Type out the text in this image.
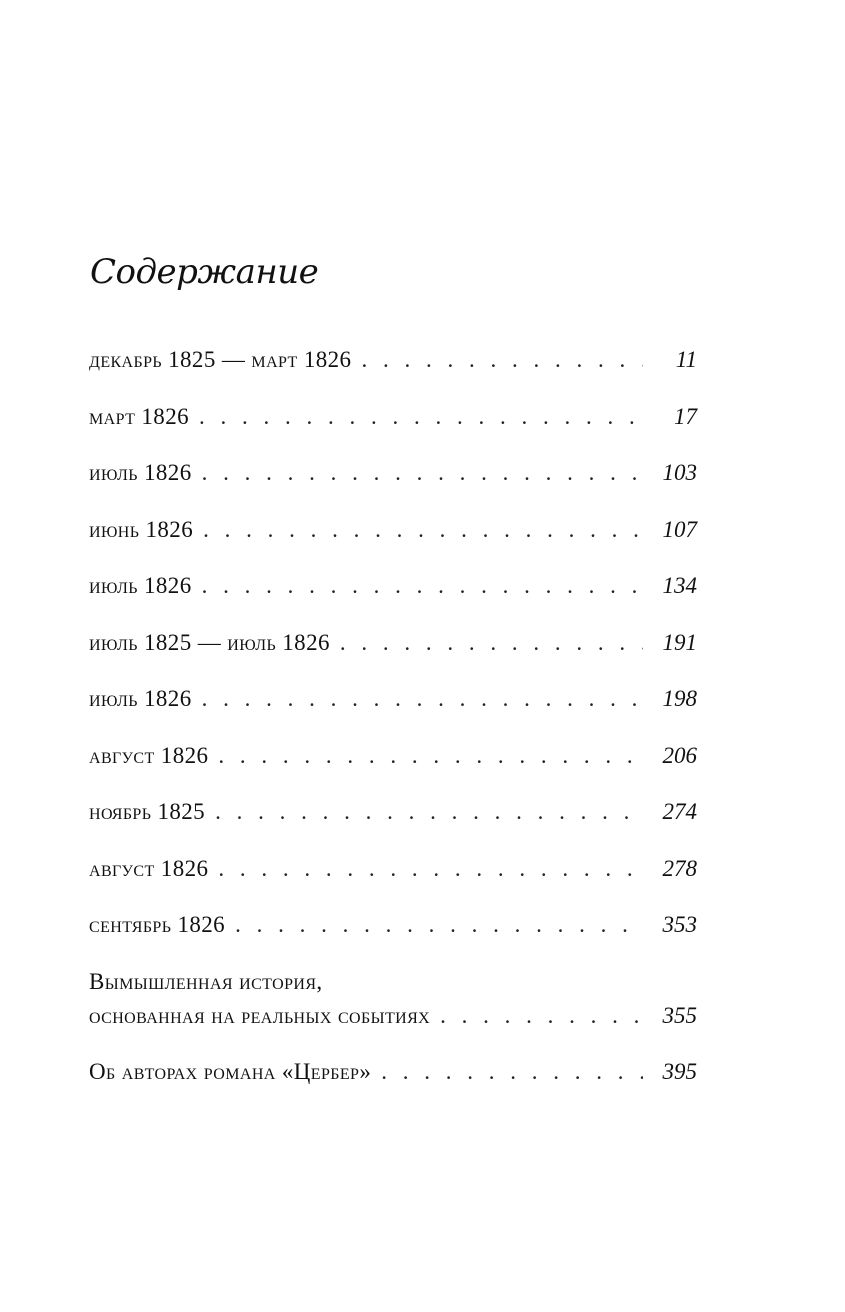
Содержание
декабрь 1825 — март 1826 . . .	11
март 1826 . . .	17
июль 1826 . . .	103
июнь 1826 . . .	107
июль 1826 . . .	134
июль 1825 — июль 1826 . . .	191
июль 1826 . . .	198
август 1826 . . .	206
ноябрь 1825 . . .	274
август 1826 . . .	278
сентябрь 1826 . . .	353
Вымышленная история,
основанная на реальных событиях . . .	355
Об авторах романа «Цербер» . . .	395
